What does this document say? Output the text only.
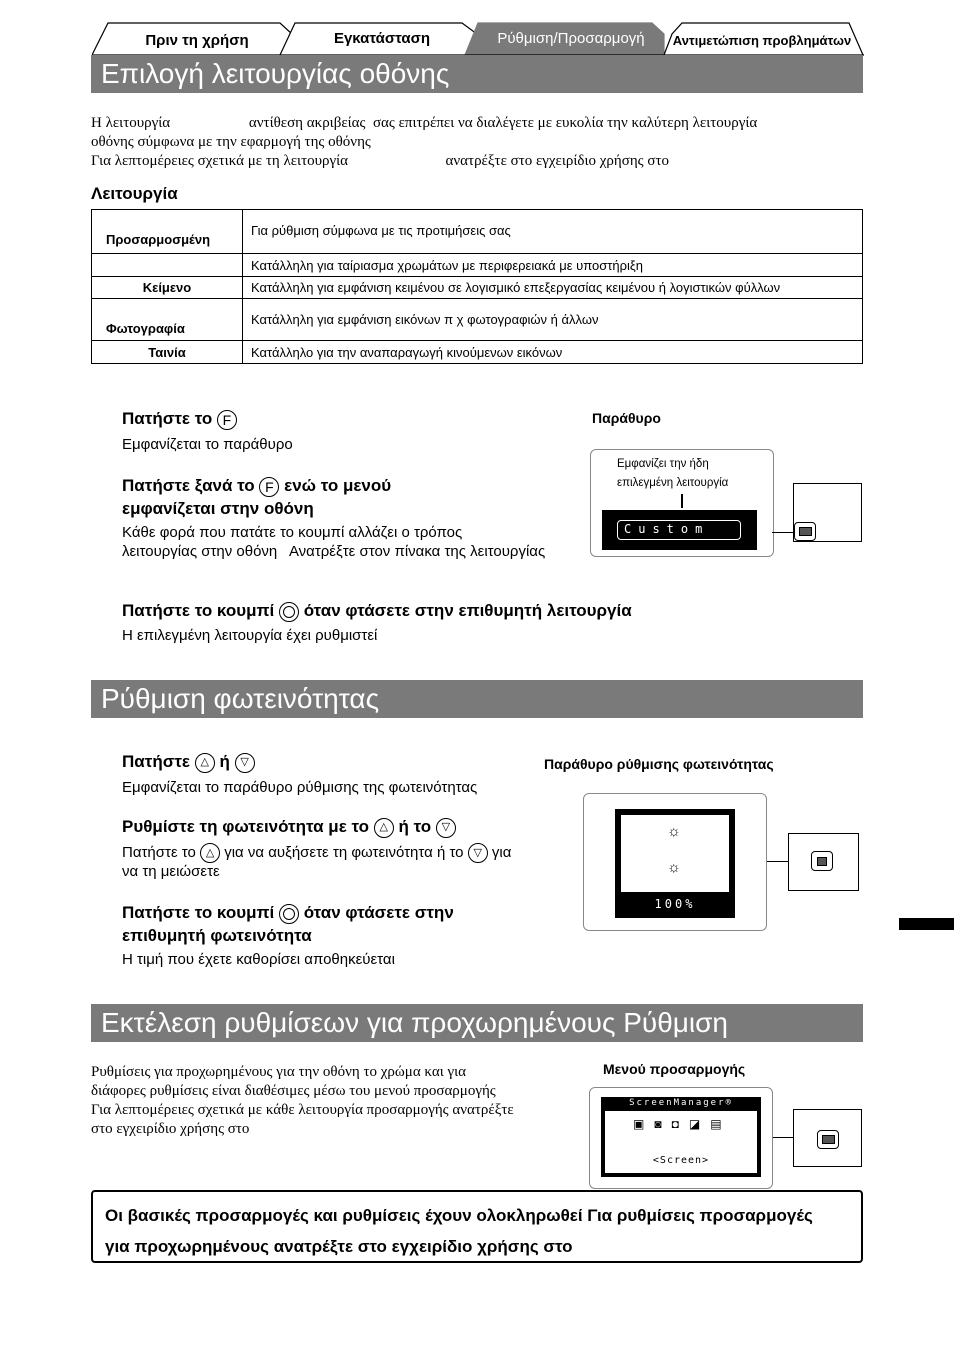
Πριν τη χρήση	Εγκατάσταση	Ρύθμιση/Προσαρμογή	Αντιμετώπιση προβλημάτων
Επιλογή λειτουργίας οθόνης
Η λειτουργία                     αντίθεση ακριβείας  σας επιτρέπει να διαλέγετε με ευκολία την καλύτερη λειτουργία
οθόνης σύμφωνα με την εφαρμογή της οθόνης
Για λεπτομέρειες σχετικά με τη λειτουργία                          ανατρέξτε στο εγχειρίδιο χρήσης στο
Λειτουργία
Προσαρμοσμένη	Για ρύθμιση σύμφωνα με τις προτιμήσεις σας
	Κατάλληλη για ταίριασμα χρωμάτων με περιφερειακά με υποστήριξη
Κείμενο	Κατάλληλη για εμφάνιση κειμένου σε λογισμικό επεξεργασίας κειμένου ή λογιστικών φύλλων
Φωτογραφία	Κατάλληλη για εμφάνιση εικόνων π χ φωτογραφιών ή άλλων
Ταινία	Κατάλληλο για την αναπαραγωγή κινούμενων εικόνων
Πατήστε το F
Εμφανίζεται το παράθυρο
Πατήστε ξανά το F ενώ το μενού
εμφανίζεται στην οθόνη
Κάθε φορά που πατάτε το κουμπί αλλάζει ο τρόπος
λειτουργίας στην οθόνη   Ανατρέξτε στον πίνακα της λειτουργίας
Πατήστε το κουμπί όταν φτάσετε στην επιθυμητή λειτουργία
Η επιλεγμένη λειτουργία έχει ρυθμιστεί
Παράθυρο
Εμφανίζει την ήδη
επιλεγμένη λειτουργία
Custom
Ρύθμιση φωτεινότητας
Πατήστε △ ή ▽
Εμφανίζεται το παράθυρο ρύθμισης της φωτεινότητας
Ρυθμίστε τη φωτεινότητα με το △ ή το ▽
Πατήστε το △ για να αυξήσετε τη φωτεινότητα ή το ▽ για
να τη μειώσετε
Πατήστε το κουμπί όταν φτάσετε στην
επιθυμητή φωτεινότητα
Η τιμή που έχετε καθορίσει αποθηκεύεται
Παράθυρο ρύθμισης φωτεινότητας
☼
☼
100%
Εκτέλεση ρυθμίσεων για προχωρημένους Ρύθμιση
Ρυθμίσεις για προχωρημένους για την οθόνη το χρώμα και για
διάφορες ρυθμίσεις είναι διαθέσιμες μέσω του μενού προσαρμογής
Για λεπτομέρειες σχετικά με κάθε λειτουργία προσαρμογής ανατρέξτε
στο εγχειρίδιο χρήσης στο
Μενού προσαρμογής
ScreenManager®
▣ ◙ ◘ ◪ ▤
<Screen>
Οι βασικές προσαρμογές και ρυθμίσεις έχουν ολοκληρωθεί Για ρυθμίσεις προσαρμογές
για προχωρημένους ανατρέξτε στο εγχειρίδιο χρήσης στο
